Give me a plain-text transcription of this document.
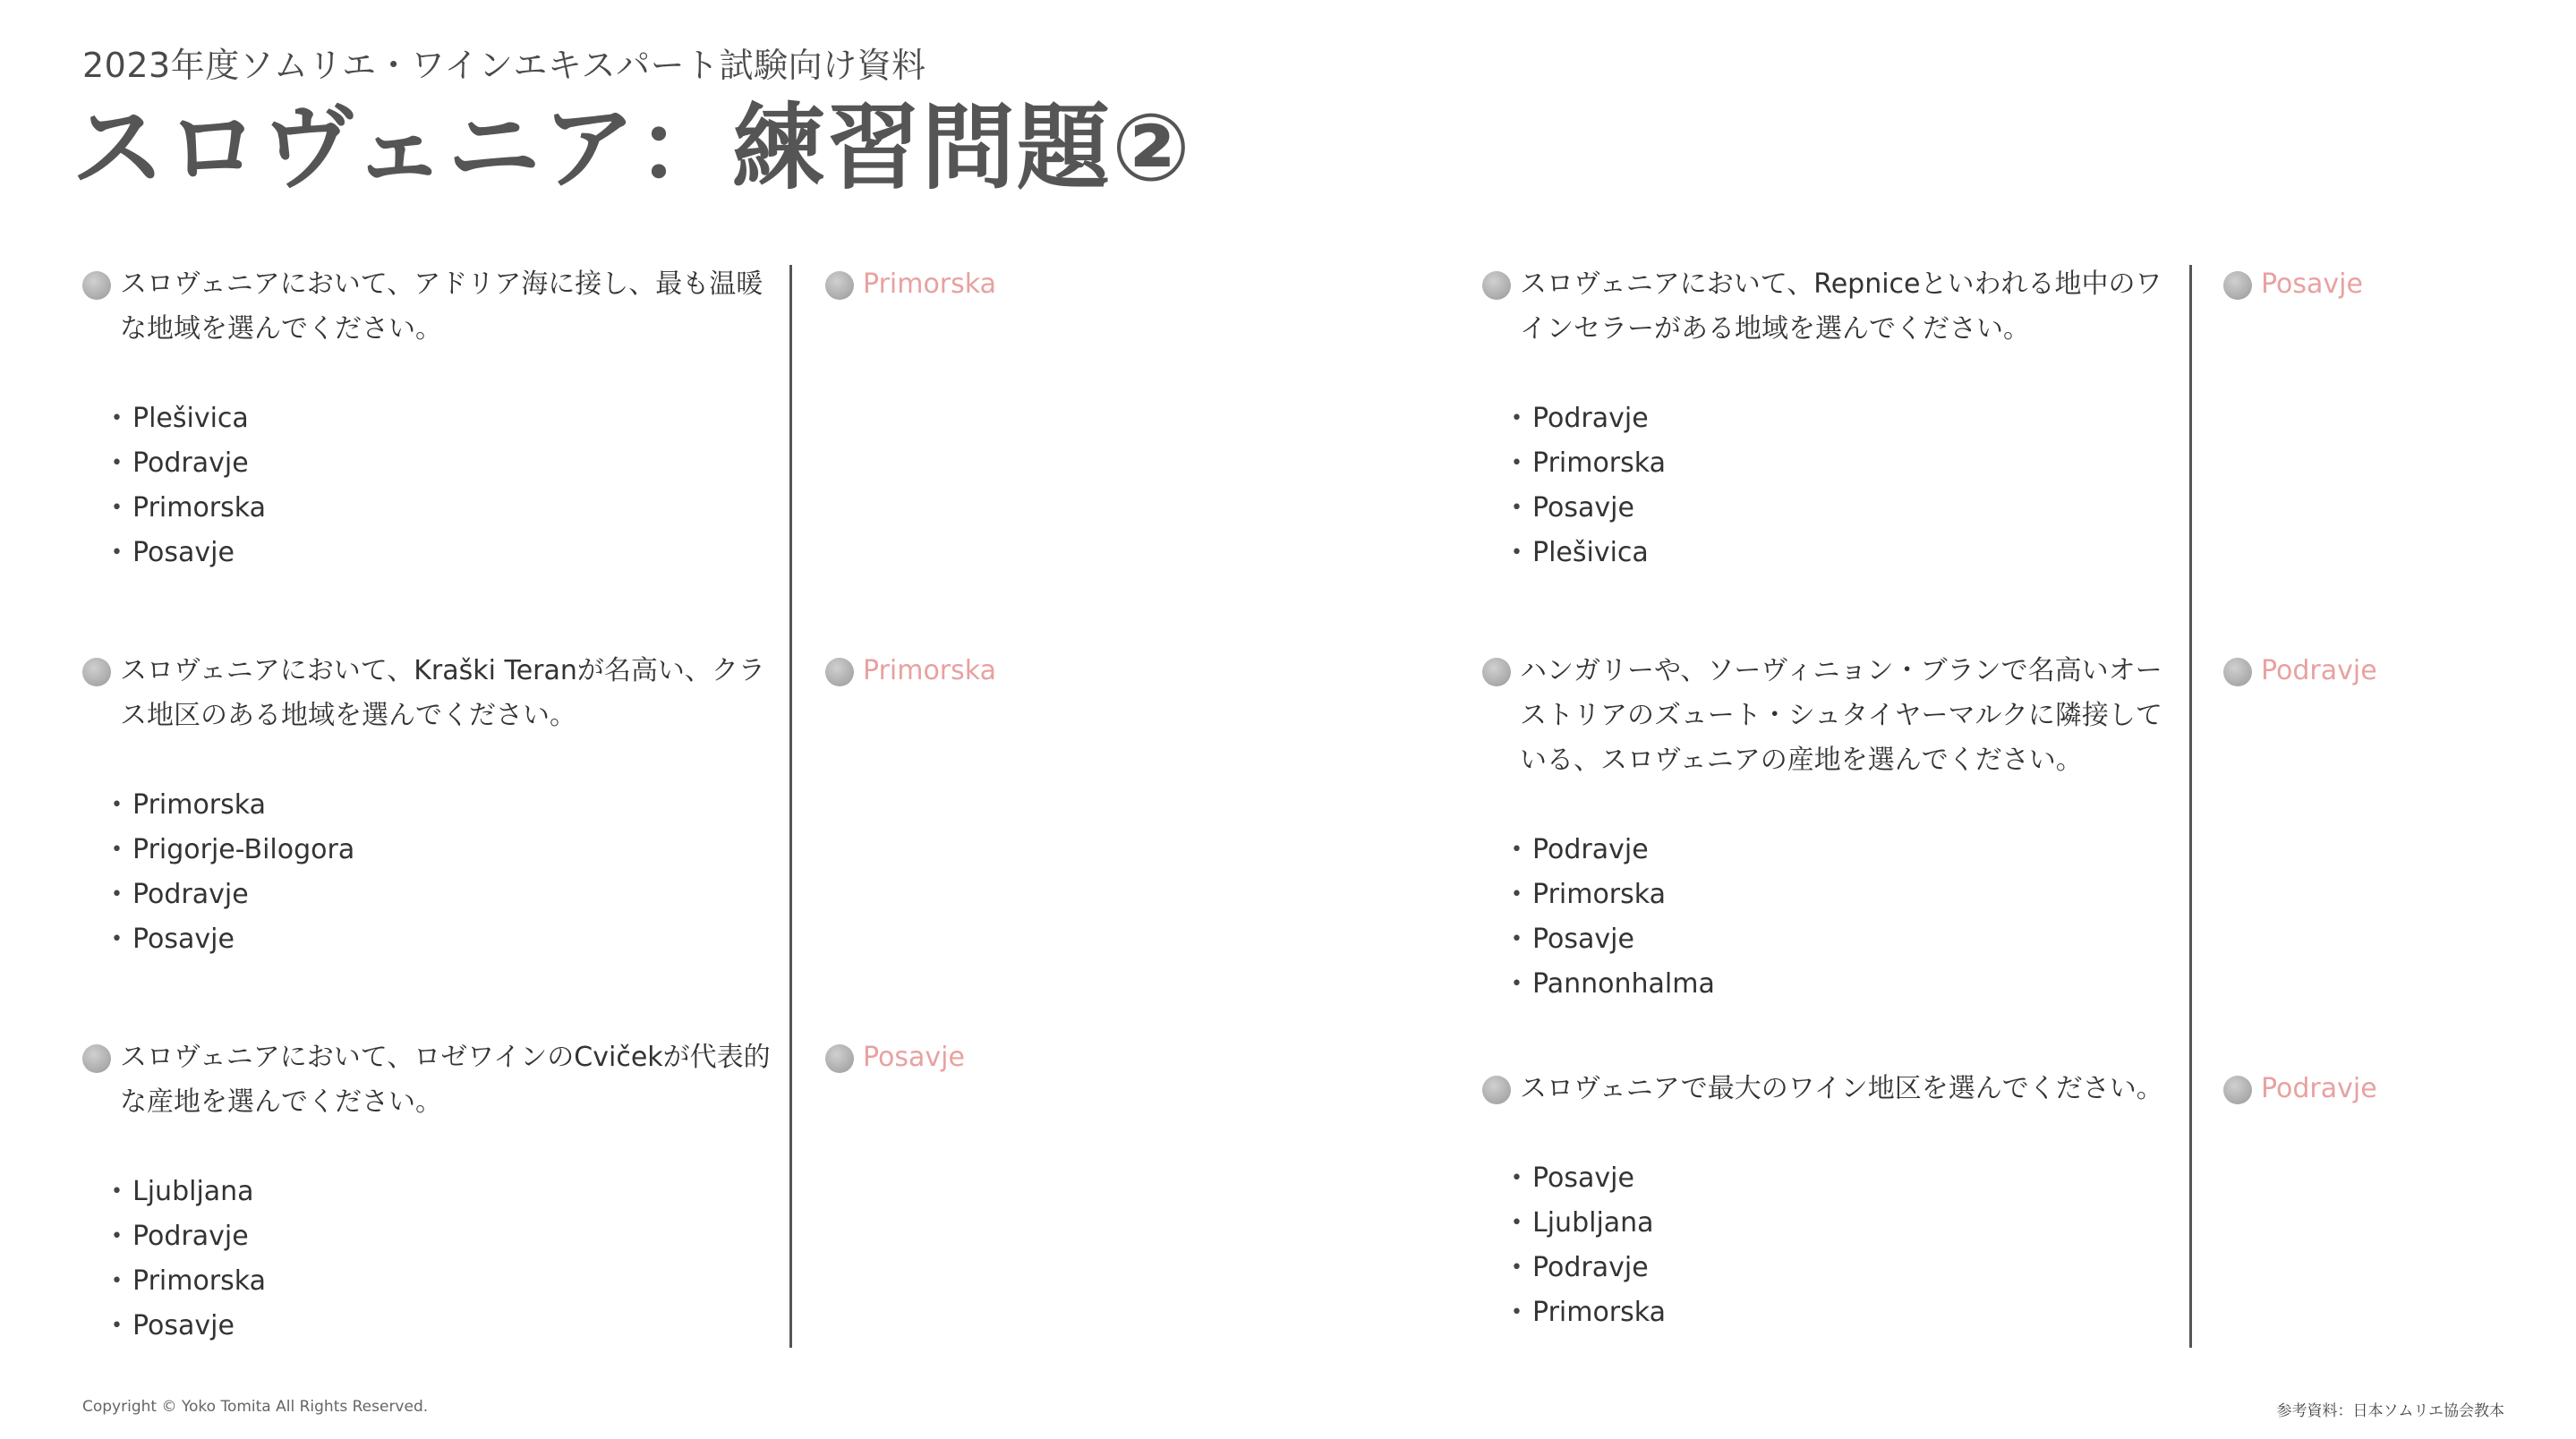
2023年度ソムリエ・ワインエキスパート試験向け資料
スロヴェニア：練習問題②
スロヴェニアにおいて、アドリア海に接し、最も温暖な地域を選んでください。
• Plešivica
• Podravje
• Primorska
• Posavje
Primorska
スロヴェニアにおいて、Kraški Teranが名高い、クラス地区のある地域を選んでください。
• Primorska
• Prigorje-Bilogora
• Podravje
• Posavje
Primorska
スロヴェニアにおいて、ロゼワインのCvičekが代表的な産地を選んでください。
• Ljubljana
• Podravje
• Primorska
• Posavje
Posavje
スロヴェニアにおいて、Repniceといわれる地中のワインセラーがある地域を選んでください。
• Podravje
• Primorska
• Posavje
• Plešivica
Posavje
ハンガリーや、ソーヴィニョン・ブランで名高いオーストリアのズュート・シュタイヤーマルクに隣接している、スロヴェニアの産地を選んでください。
• Podravje
• Primorska
• Posavje
• Pannonhalma
Podravje
スロヴェニアで最大のワイン地区を選んでください。
• Posavje
• Ljubljana
• Podravje
• Primorska
Podravje
Copyright © Yoko Tomita All Rights Reserved.	参考資料：日本ソムリエ協会教本
